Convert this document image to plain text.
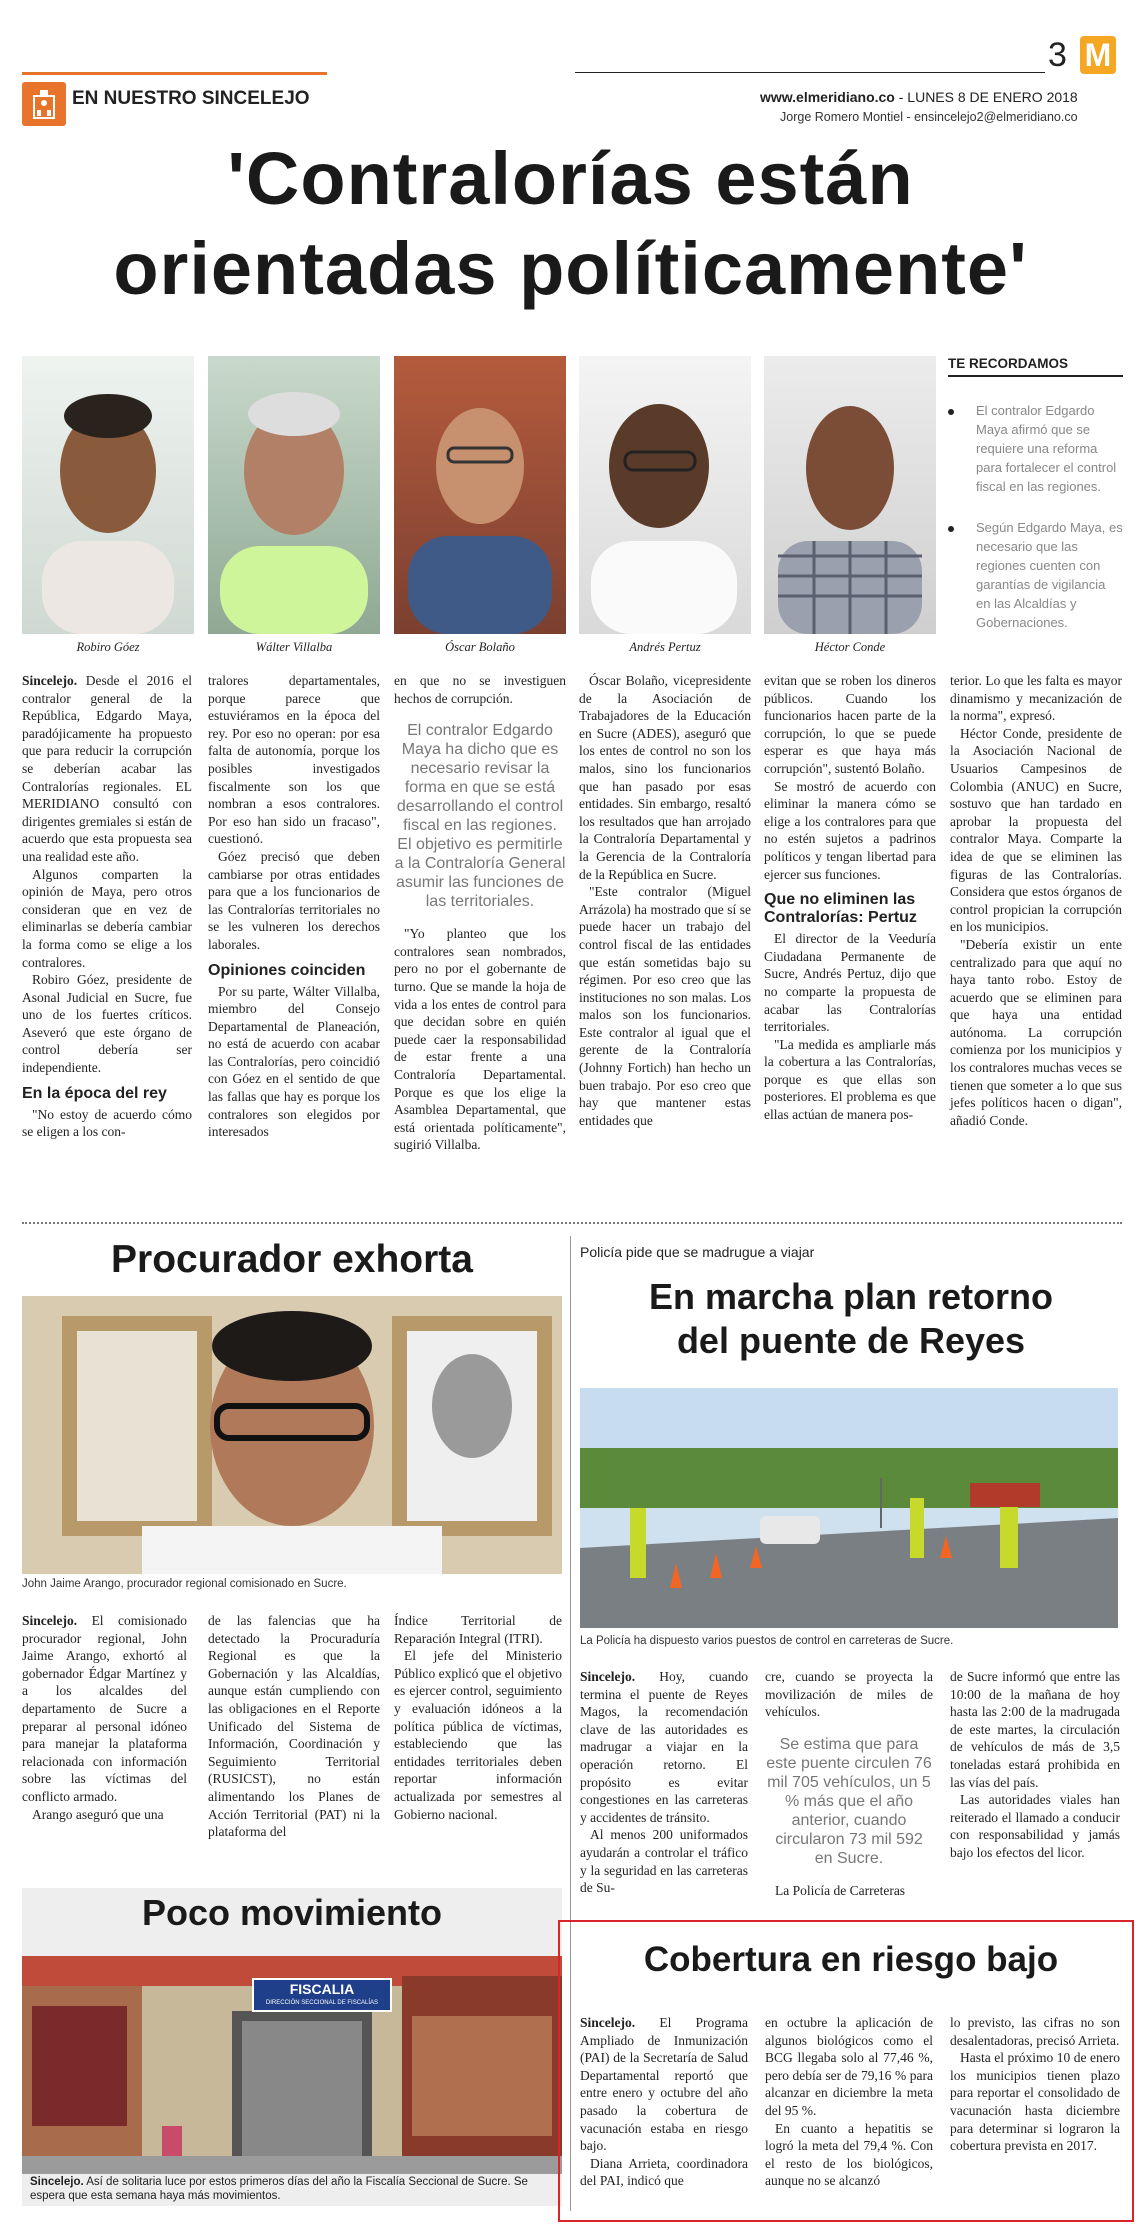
EN NUESTRO SINCELEJO
3 M
www.elmeridiano.co - LUNES 8 DE ENERO 2018
Jorge Romero Montiel - ensincelejo2@elmeridiano.co
'Contralorías están
orientadas políticamente'
Robiro Góez	Wálter Villalba	Óscar Bolaño	Andrés Pertuz	Héctor Conde
TE RECORDAMOS
El contralor Edgardo Maya afirmó que se requiere una reforma para fortalecer el control fiscal en las regiones.
Según Edgardo Maya, es necesario que las regiones cuenten con garantías de vigilancia en las Alcaldías y Gobernaciones.

Sincelejo. Desde el 2016 el contralor general de la República, Edgardo Maya, paradójicamente ha propuesto que para reducir la corrupción se deberían acabar las Contralorías regionales. EL MERIDIANO consultó con dirigentes gremiales si están de acuerdo que esta propuesta sea una realidad este año.

Algunos comparten la opinión de Maya, pero otros consideran que en vez de eliminarlas se debería cambiar la forma como se elige a los contralores.

Robiro Góez, presidente de Asonal Judicial en Sucre, fue uno de los fuertes críticos. Aseveró que este órgano de control debería ser independiente.

En la época del rey

"No estoy de acuerdo cómo se eligen a los con-

tralores departamentales, porque parece que estuviéramos en la época del rey. Por eso no operan: por esa falta de autonomía, porque los posibles investigados fiscalmente son los que nombran a esos contralores. Por eso han sido un fracaso", cuestionó.

Góez precisó que deben cambiarse por otras entidades para que a los funcionarios de las Contralorías territoriales no se les vulneren los derechos laborales.

Opiniones coinciden

Por su parte, Wálter Villalba, miembro del Consejo Departamental de Planeación, no está de acuerdo con acabar las Contralorías, pero coincidió con Góez en el sentido de que las fallas que hay es porque los contralores son elegidos por interesados

en que no se investiguen hechos de corrupción.

El contralor Edgardo Maya ha dicho que es necesario revisar la forma en que se está desarrollando el control fiscal en las regiones. El objetivo es permitirle a la Contraloría General asumir las funciones de las territoriales.

"Yo planteo que los contralores sean nombrados, pero no por el gobernante de turno. Que se mande la hoja de vida a los entes de control para que decidan sobre en quién puede caer la responsabilidad de estar frente a una Contraloría Departamental. Porque es que los elige la Asamblea Departamental, que está orientada políticamente", sugirió Villalba.

Óscar Bolaño, vicepresidente de la Asociación de Trabajadores de la Educación en Sucre (ADES), aseguró que los entes de control no son los malos, sino los funcionarios que han pasado por esas entidades. Sin embargo, resaltó los resultados que han arrojado la Contraloría Departamental y la Gerencia de la Contraloría de la República en Sucre.

"Este contralor (Miguel Arrázola) ha mostrado que sí se puede hacer un trabajo del control fiscal de las entidades que están sometidas bajo su régimen. Por eso creo que las instituciones no son malas. Los malos son los funcionarios. Este contralor al igual que el gerente de la Contraloría (Johnny Fortich) han hecho un buen trabajo. Por eso creo que hay que mantener estas entidades que

evitan que se roben los dineros públicos. Cuando los funcionarios hacen parte de la corrupción, lo que se puede esperar es que haya más corrupción", sustentó Bolaño.

Se mostró de acuerdo con eliminar la manera cómo se elige a los contralores para que no estén sujetos a padrinos políticos y tengan libertad para ejercer sus funciones.

Que no eliminen las Contralorías: Pertuz

El director de la Veeduría Ciudadana Permanente de Sucre, Andrés Pertuz, dijo que no comparte la propuesta de acabar las Contralorías territoriales.

"La medida es ampliarle más la cobertura a las Contralorías, porque es que ellas son posteriores. El problema es que ellas actúan de manera pos-

terior. Lo que les falta es mayor dinamismo y mecanización de la norma", expresó.

Héctor Conde, presidente de la Asociación Nacional de Usuarios Campesinos de Colombia (ANUC) en Sucre, sostuvo que han tardado en aprobar la propuesta del contralor Maya. Comparte la idea de que se eliminen las figuras de las Contralorías. Considera que estos órganos de control propician la corrupción en los municipios.

"Debería existir un ente centralizado para que aquí no haya tanto robo. Estoy de acuerdo que se eliminen para que haya una entidad autónoma. La corrupción comienza por los municipios y los contralores muchas veces se tienen que someter a lo que sus jefes políticos hacen o digan", añadió Conde.

Procurador exhorta
John Jaime Arango, procurador regional comisionado en Sucre.

Sincelejo. El comisionado procurador regional, John Jaime Arango, exhortó al gobernador Édgar Martínez y a los alcaldes del departamento de Sucre a preparar al personal idóneo para manejar la plataforma relacionada con información sobre las víctimas del conflicto armado.

Arango aseguró que una

de las falencias que ha detectado la Procuraduría Regional es que la Gobernación y las Alcaldías, aunque están cumpliendo con las obligaciones en el Reporte Unificado del Sistema de Información, Coordinación y Seguimiento Territorial (RUSICST), no están alimentando los Planes de Acción Territorial (PAT) ni la plataforma del

Índice Territorial de Reparación Integral (ITRI).

El jefe del Ministerio Público explicó que el objetivo es ejercer control, seguimiento y evaluación idóneos a la política pública de víctimas, estableciendo que las entidades territoriales deben reportar información actualizada por semestres al Gobierno nacional.

Poco movimiento
FISCALIA
DIRECCIÓN SECCIONAL DE FISCALÍAS
Sincelejo. Así de solitaria luce por estos primeros días del año la Fiscalía Seccional de Sucre. Se espera que esta semana haya más movimientos.
Policía pide que se madrugue a viajar
En marcha plan retorno
del puente de Reyes
La Policía ha dispuesto varios puestos de control en carreteras de Sucre.

Sincelejo. Hoy, cuando termina el puente de Reyes Magos, la recomendación clave de las autoridades es madrugar a viajar en la operación retorno. El propósito es evitar congestiones en las carreteras y accidentes de tránsito.

Al menos 200 uniformados ayudarán a controlar el tráfico y la seguridad en las carreteras de Su-

cre, cuando se proyecta la movilización de miles de vehículos.

Se estima que para este puente circulen 76 mil 705 vehículos, un 5 % más que el año anterior, cuando circularon 73 mil 592 en Sucre.

La Policía de Carreteras

de Sucre informó que entre las 10:00 de la mañana de hoy hasta las 2:00 de la madrugada de este martes, la circulación de vehículos de más de 3,5 toneladas estará prohibida en las vías del país.

Las autoridades viales han reiterado el llamado a conducir con responsabilidad y jamás bajo los efectos del licor.

Cobertura en riesgo bajo

Sincelejo. El Programa Ampliado de Inmunización (PAI) de la Secretaría de Salud Departamental reportó que entre enero y octubre del año pasado la cobertura de vacunación estaba en riesgo bajo.

Diana Arrieta, coordinadora del PAI, indicó que

en octubre la aplicación de algunos biológicos como el BCG llegaba solo al 77,46 %, pero debía ser de 79,16 % para alcanzar en diciembre la meta del 95 %.

En cuanto a hepatitis se logró la meta del 79,4 %. Con el resto de los biológicos, aunque no se alcanzó

lo previsto, las cifras no son desalentadoras, precisó Arrieta.

Hasta el próximo 10 de enero los municipios tienen plazo para reportar el consolidado de vacunación hasta diciembre para determinar si lograron la cobertura prevista en 2017.
